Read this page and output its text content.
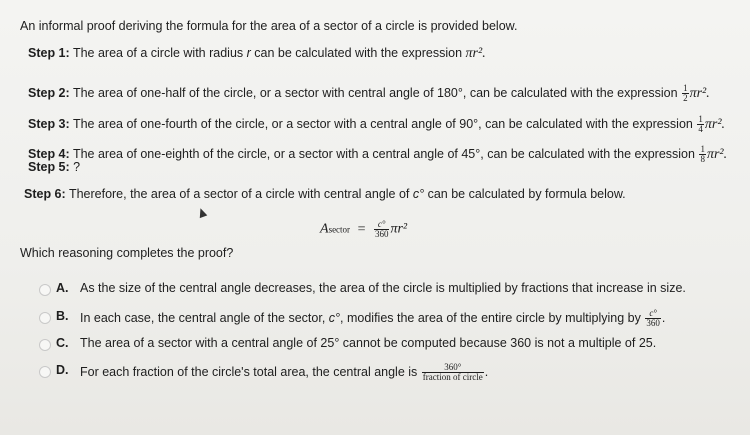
An informal proof deriving the formula for the area of a sector of a circle is provided below.
Step 1: The area of a circle with radius r can be calculated with the expression πr².
Step 2: The area of one-half of the circle, or a sector with central angle of 180°, can be calculated with the expression $\frac{1}{2} \pi r^2$.
Step 3: The area of one-fourth of the circle, or a sector with a central angle of 90°, can be calculated with the expression $\frac{1}{4} \pi r^2$.
Step 4: The area of one-eighth of the circle, or a sector with a central angle of 45°, can be calculated with the expression $\frac{1}{8} \pi r^2$.
Step 5: ?
Step 6: Therefore, the area of a sector of a circle with central angle of c° can be calculated by formula below.
Asector = $\frac{c^\circ}{360} \pi r^2$
Which reasoning completes the proof?
A. As the size of the central angle decreases, the area of the circle is multiplied by fractions that increase in size.
B. In each case, the central angle of the sector, c°, modifies the area of the entire circle by multiplying by $\frac{c^\circ}{360}$ .
C. The area of a sector with a central angle of 25° cannot be computed because 360 is not a multiple of 25.
D. For each fraction of the circle's total area, the central angle is $\frac{360^\circ}{\text{fraction of circle}}$ .
